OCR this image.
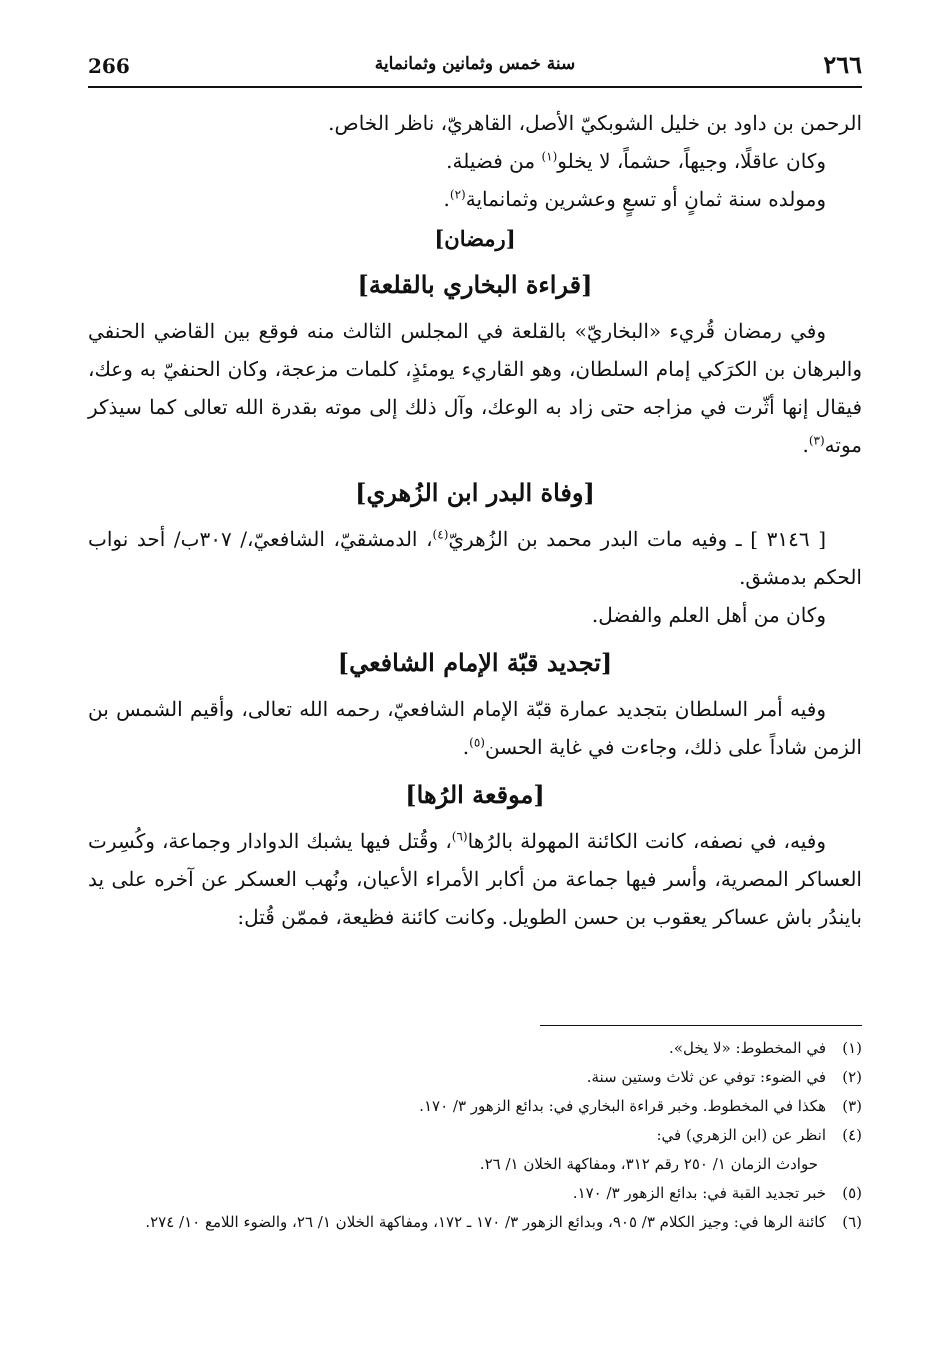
266	سنة خمس وثمانين وثمانماية	٢٦٦

الرحمن بن داود بن خليل الشوبكيّ الأصل، القاهريّ، ناظر الخاص.

وكان عاقلًا، وجيهاً، حشماً، لا يخلو$^{(١)}$ من فضيلة.

ومولده سنة ثمانٍ أو تسعٍ وعشرين وثمانماية$^{(٢)}$.

[رمضان]
[قراءة البخاري بالقلعة]

وفي رمضان قُريء «البخاريّ» بالقلعة في المجلس الثالث منه فوقع بين القاضي الحنفي والبرهان بن الكرَكي إمام السلطان، وهو القاريء يومئذٍ، كلمات مزعجة، وكان الحنفيّ به وعك، فيقال إنها أثّرت في مزاجه حتى زاد به الوعك، وآل ذلك إلى موته بقدرة الله تعالى كما سيذكر موته$^{(٣)}$.

[وفاة البدر ابن الزُهري]

[ ٣١٤٦ ] ـ وفيه مات البدر محمد بن الزُهريّ$^{(٤)}$، الدمشقيّ، الشافعيّ،/ ٣٠٧ب/ أحد نواب الحكم بدمشق.

وكان من أهل العلم والفضل.

[تجديد قبّة الإمام الشافعي]

وفيه أمر السلطان بتجديد عمارة قبّة الإمام الشافعيّ، رحمه الله تعالى، وأقيم الشمس بن الزمن شاداً على ذلك، وجاءت في غاية الحسن$^{(٥)}$.

[موقعة الرُها]

وفيه، في نصفه، كانت الكائنة المهولة بالرُها$^{(٦)}$، وقُتل فيها يشبك الدوادار وجماعة، وكُسِرت العساكر المصرية، وأسر فيها جماعة من أكابر الأمراء الأعيان، ونُهب العسكر عن آخره على يد بايندُر باش عساكر يعقوب بن حسن الطويل. وكانت كائنة فظيعة، فممّن قُتل:

(١)في المخطوط: «لا يخل».

(٢)في الضوء: توفي عن ثلاث وستين سنة.

(٣)هكذا في المخطوط. وخبر قراءة البخاري في: بدائع الزهور ٣/ ١٧٠.

(٤)انظر عن (ابن الزهري) في:

حوادث الزمان ١/ ٢٥٠ رقم ٣١٢، ومفاكهة الخلان ١/ ٢٦.

(٥)خبر تجديد القبة في: بدائع الزهور ٣/ ١٧٠.

(٦)كائنة الرها في: وجيز الكلام ٣/ ٩٠٥، وبدائع الزهور ٣/ ١٧٠ ـ ١٧٢، ومفاكهة الخلان ١/ ٢٦، والضوء اللامع ١٠/ ٢٧٤.
